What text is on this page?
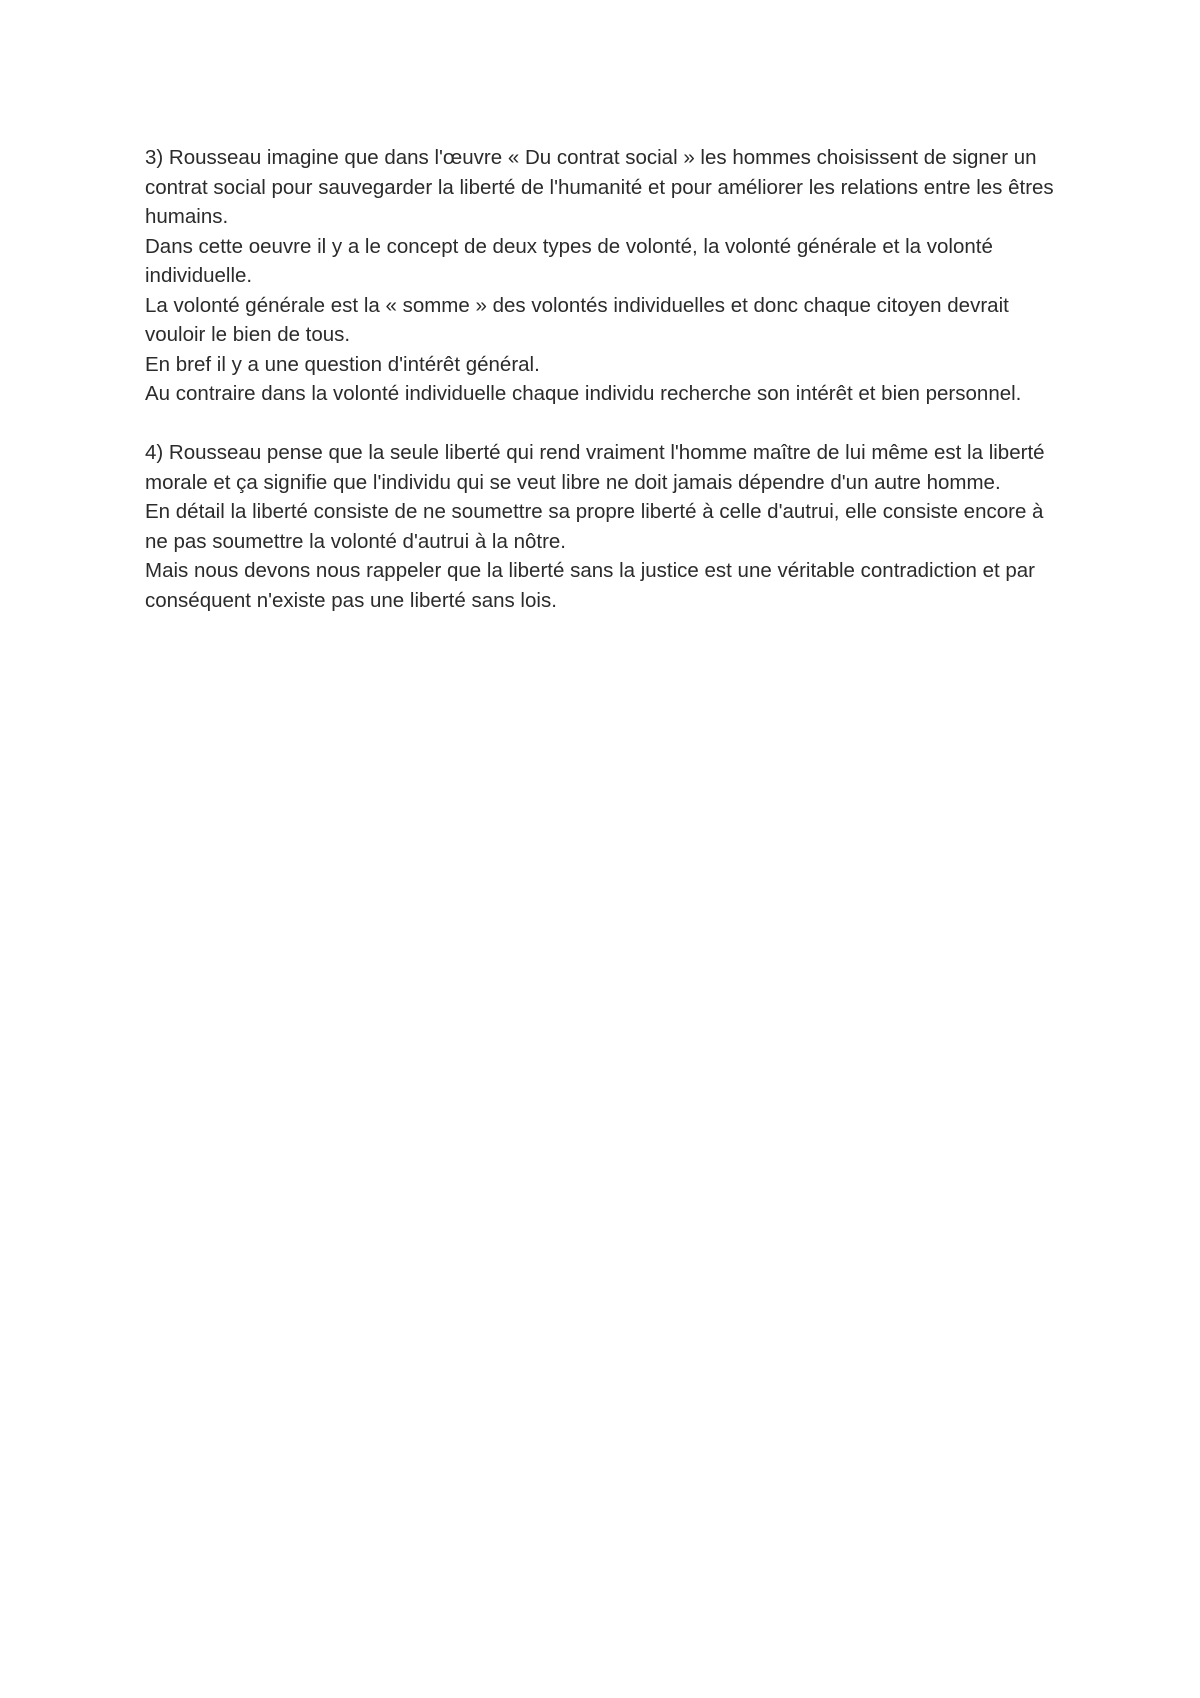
3) Rousseau imagine que dans l'œuvre « Du contrat social » les hommes choisissent de signer un contrat social pour sauvegarder la liberté de l'humanité et pour améliorer les relations entre les êtres humains.
Dans cette oeuvre il y a le concept de deux types de volonté, la volonté générale et la volonté individuelle.
La volonté générale est la « somme » des volontés individuelles et donc chaque citoyen devrait vouloir le bien de tous.
En bref il y a une question d'intérêt général.
Au contraire dans la volonté individuelle chaque individu recherche son intérêt et bien personnel.
4) Rousseau pense que la seule liberté qui rend vraiment l'homme maître de lui même est la liberté morale et ça signifie que l'individu qui se veut libre ne doit jamais dépendre d'un autre homme.
En détail la liberté consiste de ne soumettre sa propre liberté à celle d'autrui, elle consiste encore à ne pas soumettre la volonté d'autrui à la nôtre.
Mais nous devons nous rappeler que la liberté sans la justice est une véritable contradiction et par conséquent n'existe pas une liberté sans lois.
